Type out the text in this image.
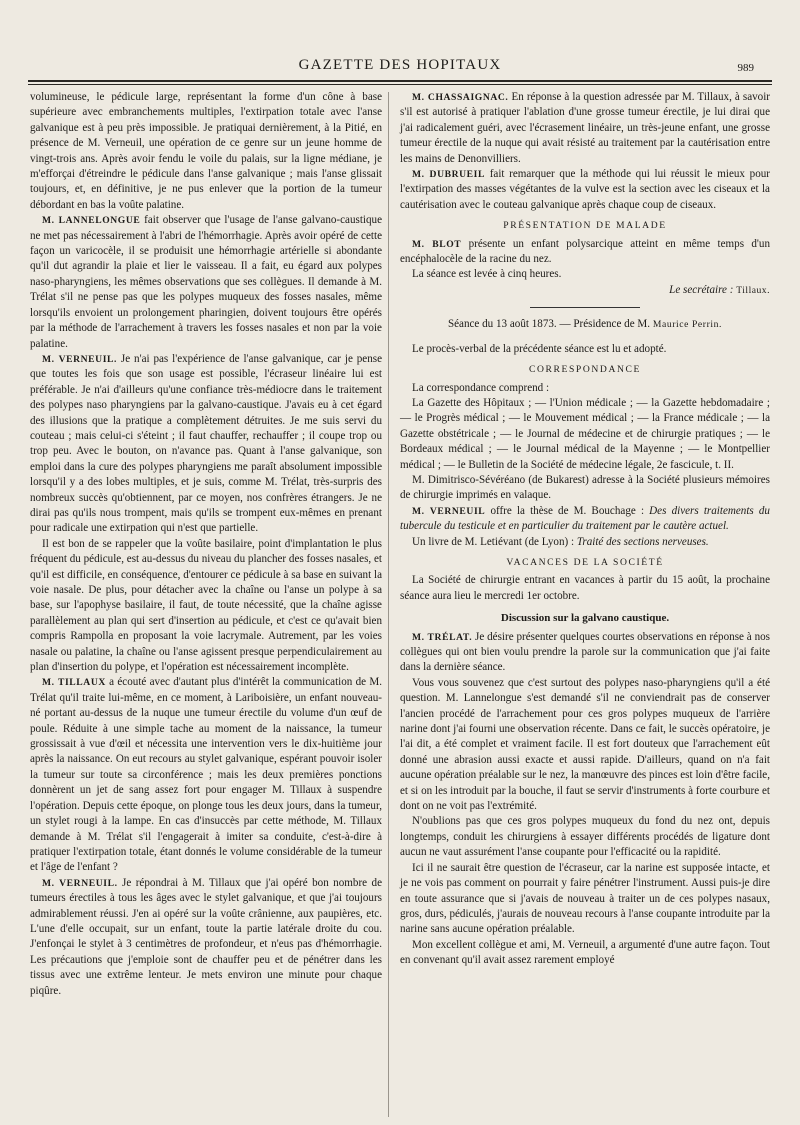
GAZETTE DES HOPITAUX	989

volumineuse, le pédicule large, représentant la forme d'un cône à base supérieure avec embranchements multiples, l'extirpation totale avec l'anse galvanique est à peu près impossible. Je pratiquai dernièrement, à la Pitié, en présence de M. Verneuil, une opération de ce genre sur un jeune homme de vingt-trois ans. Après avoir fendu le voile du palais, sur la ligne médiane, je m'efforçai d'étreindre le pédicule dans l'anse galvanique ; mais l'anse glissait toujours, et, en définitive, je ne pus enlever que la portion de la tumeur débordant en bas la voûte palatine.

M. LANNELONGUE fait observer que l'usage de l'anse galvano-caustique ne met pas nécessairement à l'abri de l'hémorrhagie. Après avoir opéré de cette façon un varicocèle, il se produisit une hémorrhagie artérielle si abondante qu'il dut agrandir la plaie et lier le vaisseau. Il a fait, eu égard aux polypes naso-pharyngiens, les mêmes observations que ses collègues. Il demande à M. Trélat s'il ne pense pas que les polypes muqueux des fosses nasales, même lorsqu'ils envoient un prolongement pharingien, doivent toujours être opérés par la méthode de l'arrachement à travers les fosses nasales et non par la voie palatine.

M. VERNEUIL. Je n'ai pas l'expérience de l'anse galvanique, car je pense que toutes les fois que son usage est possible, l'écraseur linéaire lui est préférable. Je n'ai d'ailleurs qu'une confiance très-médiocre dans le traitement des polypes naso pharyngiens par la galvano-caustique. J'avais eu à cet égard des illusions que la pratique a complètement détruites. Je me suis servi du couteau ; mais celui-ci s'éteint ; il faut chauffer, rechauffer ; il coupe trop ou trop peu. Avec le bouton, on n'avance pas. Quant à l'anse galvanique, son emploi dans la cure des polypes pharyngiens me paraît absolument impossible lorsqu'il y a des lobes multiples, et je suis, comme M. Trélat, très-surpris des nombreux succès qu'obtiennent, par ce moyen, nos confrères étrangers. Je ne dirai pas qu'ils nous trompent, mais qu'ils se trompent eux-mêmes en prenant pour radicale une extirpation qui n'est que partielle.

Il est bon de se rappeler que la voûte basilaire, point d'implantation le plus fréquent du pédicule, est au-dessus du niveau du plancher des fosses nasales, et qu'il est difficile, en conséquence, d'entourer ce pédicule à sa base en suivant la voie nasale. De plus, pour détacher avec la chaîne ou l'anse un polype à sa base, sur l'apophyse basilaire, il faut, de toute nécessité, que la chaîne agisse parallèlement au plan qui sert d'insertion au pédicule, et c'est ce qu'avait bien compris Rampolla en proposant la voie lacrymale. Autrement, par les voies nasale ou palatine, la chaîne ou l'anse agissent presque perpendiculairement au plan d'insertion du polype, et l'opération est nécessairement incomplète.

M. TILLAUX a écouté avec d'autant plus d'intérêt la communication de M. Trélat qu'il traite lui-même, en ce moment, à Lariboisière, un enfant nouveau-né portant au-dessus de la nuque une tumeur érectile du volume d'un œuf de poule. Réduite à une simple tache au moment de la naissance, la tumeur grossissait à vue d'œil et nécessita une intervention vers le dix-huitième jour après la naissance. On eut recours au stylet galvanique, espérant pouvoir isoler la tumeur sur toute sa circonférence ; mais les deux premières ponctions donnèrent un jet de sang assez fort pour engager M. Tillaux à suspendre l'opération. Depuis cette époque, on plonge tous les deux jours, dans la tumeur, un stylet rougi à la lampe. En cas d'insuccès par cette méthode, M. Tillaux demande à M. Trélat s'il l'engagerait à imiter sa conduite, c'est-à-dire à pratiquer l'extirpation totale, étant donnés le volume considérable de la tumeur et l'âge de l'enfant ?

M. VERNEUIL. Je répondrai à M. Tillaux que j'ai opéré bon nombre de tumeurs érectiles à tous les âges avec le stylet galvanique, et que j'ai toujours admirablement réussi. J'en ai opéré sur la voûte crânienne, aux paupières, etc. L'une d'elle occupait, sur un enfant, toute la partie latérale droite du cou. J'enfonçai le stylet à 3 centimètres de profondeur, et n'eus pas d'hémorrhagie. Les précautions que j'emploie sont de chauffer peu et de pénétrer dans les tissus avec une extrême lenteur. Je mets environ une minute pour chaque piqûre.

M. CHASSAIGNAC. En réponse à la question adressée par M. Tillaux, à savoir s'il est autorisé à pratiquer l'ablation d'une grosse tumeur érectile, je lui dirai que j'ai radicalement guéri, avec l'écrasement linéaire, un très-jeune enfant, une grosse tumeur érectile de la nuque qui avait résisté au traitement par la cautérisation entre les mains de Denonvilliers.

M. DUBRUEIL fait remarquer que la méthode qui lui réussit le mieux pour l'extirpation des masses végétantes de la vulve est la section avec les ciseaux et la cautérisation avec le couteau galvanique après chaque coup de ciseaux.

PRÉSENTATION DE MALADE

M. BLOT présente un enfant polysarcique atteint en même temps d'un encéphalocèle de la racine du nez.

La séance est levée à cinq heures.

Le secrétaire : Tillaux.

Séance du 13 août 1873. — Présidence de M. Maurice Perrin.

Le procès-verbal de la précédente séance est lu et adopté.

CORRESPONDANCE

La correspondance comprend :

La Gazette des Hôpitaux ; — l'Union médicale ; — la Gazette hebdomadaire ; — le Progrès médical ; — le Mouvement médical ; — la France médicale ; — la Gazette obstétricale ; — le Journal de médecine et de chirurgie pratiques ; — le Bordeaux médical ; — le Journal médical de la Mayenne ; — le Montpellier médical ; — le Bulletin de la Société de médecine légale, 2e fascicule, t. II.

M. Dimitrisco-Sévéréano (de Bukarest) adresse à la Société plusieurs mémoires de chirurgie imprimés en valaque.

M. VERNEUIL offre la thèse de M. Bouchage : Des divers traitements du tubercule du testicule et en particulier du traitement par le cautère actuel.

Un livre de M. Letiévant (de Lyon) : Traité des sections nerveuses.

VACANCES DE LA SOCIÉTÉ

La Société de chirurgie entrant en vacances à partir du 15 août, la prochaine séance aura lieu le mercredi 1er octobre.

Discussion sur la galvano caustique.

M. TRÉLAT. Je désire présenter quelques courtes observations en réponse à nos collègues qui ont bien voulu prendre la parole sur la communication que j'ai faite dans la dernière séance.

Vous vous souvenez que c'est surtout des polypes naso-pharyngiens qu'il a été question. M. Lannelongue s'est demandé s'il ne conviendrait pas de conserver l'ancien procédé de l'arrachement pour ces gros polypes muqueux de l'arrière narine dont j'ai fourni une observation récente. Dans ce fait, le succès opératoire, je l'ai dit, a été complet et vraiment facile. Il est fort douteux que l'arrachement eût donné une abrasion aussi exacte et aussi rapide. D'ailleurs, quand on n'a fait aucune opération préalable sur le nez, la manœuvre des pinces est loin d'être facile, et si on les introduit par la bouche, il faut se servir d'instruments à forte courbure et dont on ne voit pas l'extrémité.

N'oublions pas que ces gros polypes muqueux du fond du nez ont, depuis longtemps, conduit les chirurgiens à essayer différents procédés de ligature dont aucun ne vaut assurément l'anse coupante pour l'efficacité ou la rapidité.

Ici il ne saurait être question de l'écraseur, car la narine est supposée intacte, et je ne vois pas comment on pourrait y faire pénétrer l'instrument. Aussi puis-je dire en toute assurance que si j'avais de nouveau à traiter un de ces polypes nasaux, gros, durs, pédiculés, j'aurais de nouveau recours à l'anse coupante introduite par la narine sans aucune opération préalable.

Mon excellent collègue et ami, M. Verneuil, a argumenté d'une autre façon. Tout en convenant qu'il avait assez rarement employé
